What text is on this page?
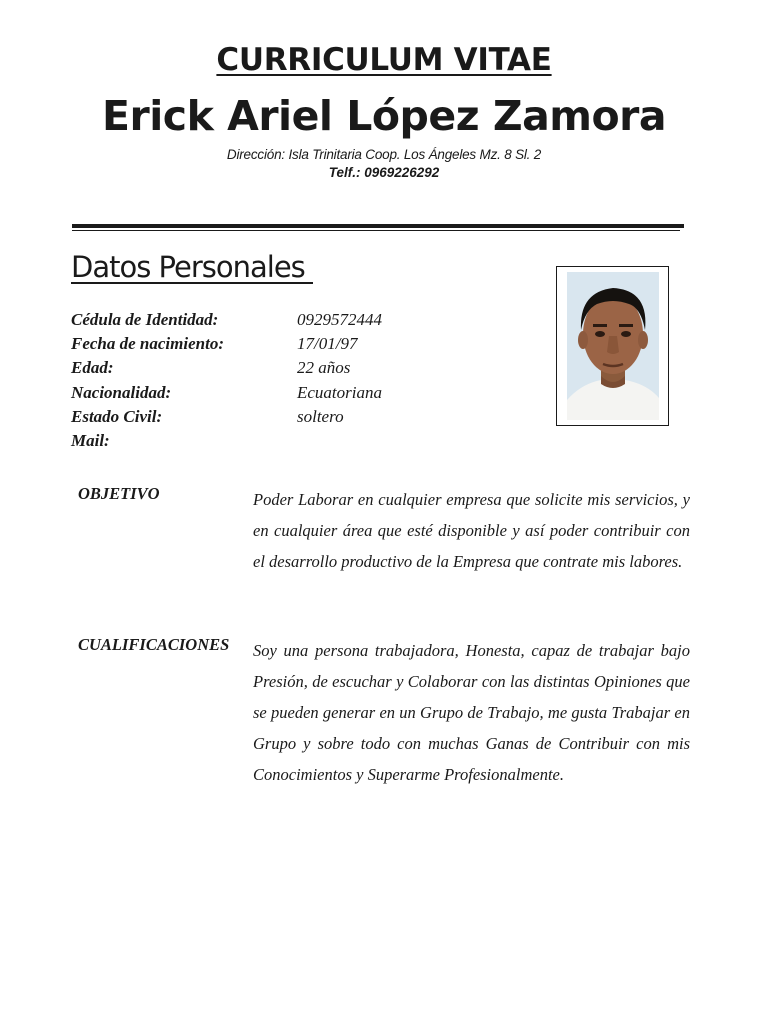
CURRICULUM VITAE
Erick Ariel López Zamora
Dirección: Isla Trinitaria Coop. Los Ángeles Mz. 8 Sl. 2
Telf.: 0969226292
Datos Personales
Cédula de Identidad:	0929572444
Fecha de nacimiento:	17/01/97
Edad:	22 años
Nacionalidad:	Ecuatoriana
Estado Civil:	soltero
Mail:
OBJETIVO	Poder Laborar en cualquier empresa que solicite mis servicios, y en cualquier área que esté disponible y así poder contribuir con el desarrollo productivo de la Empresa que contrate mis labores.
CUALIFICACIONES Soy una persona trabajadora, Honesta, capaz de trabajar bajo Presión, de escuchar y Colaborar con las distintas Opiniones que se pueden generar en un Grupo de Trabajo, me gusta Trabajar en Grupo y sobre todo con muchas Ganas de Contribuir con mis Conocimientos y Superarme Profesionalmente.
